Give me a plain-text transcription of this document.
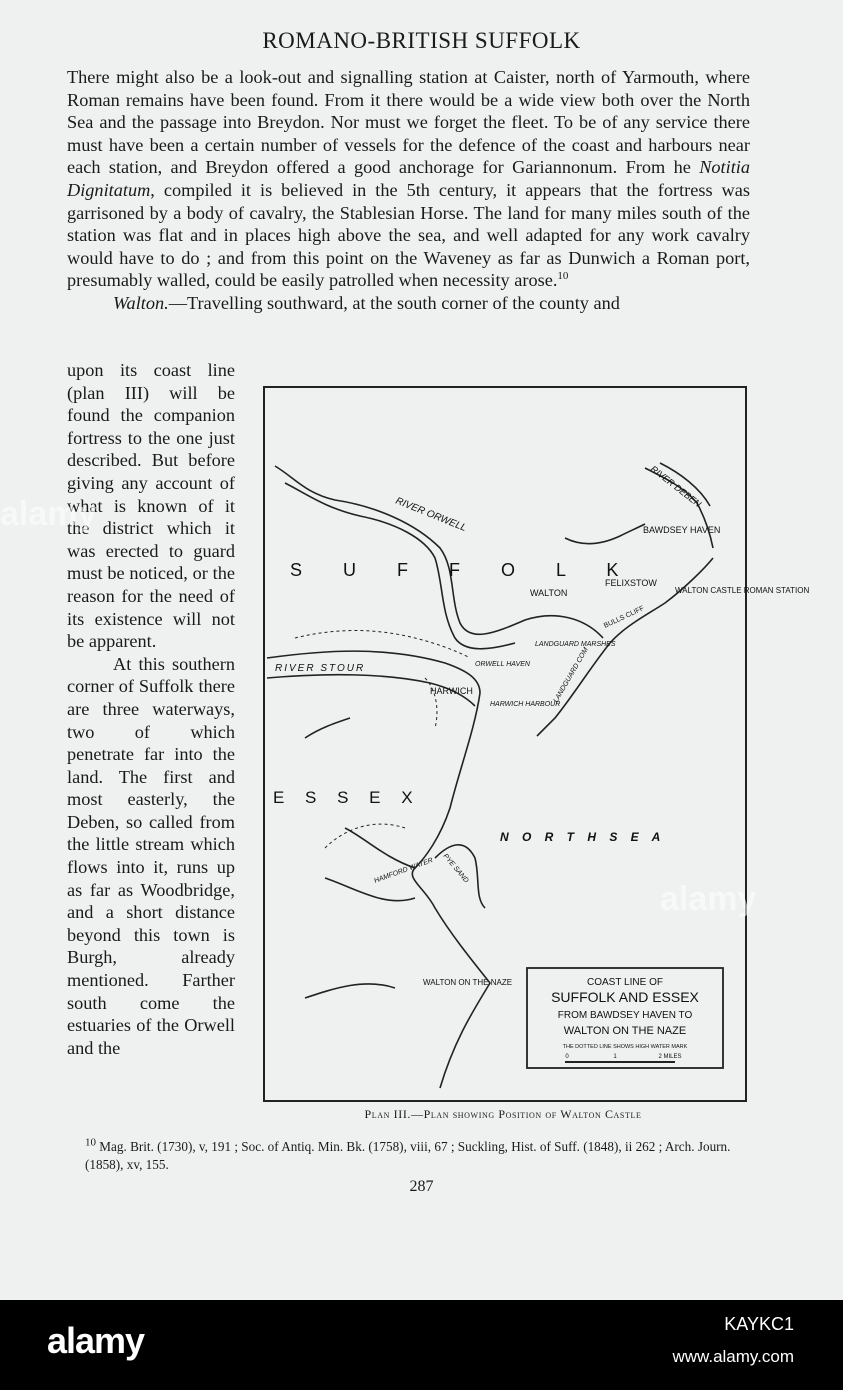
ROMANO-BRITISH SUFFOLK
There might also be a look-out and signalling station at Caister, north of Yarmouth, where Roman remains have been found. From it there would be a wide view both over the North Sea and the passage into Breydon. Nor must we forget the fleet. To be of any service there must have been a certain number of vessels for the defence of the coast and harbours near each station, and Breydon offered a good anchorage for Gariannonum. From he Notitia Dignitatum, compiled it is believed in the 5th century, it appears that the fortress was garrisoned by a body of cavalry, the Stablesian Horse. The land for many miles south of the station was flat and in places high above the sea, and well adapted for any work cavalry would have to do ; and from this point on the Waveney as far as Dunwich a Roman port, presumably walled, could be easily patrolled when necessity arose.$^{10}$
Walton.—Travelling southward, at the south corner of the county and
upon its coast line (plan III) will be found the companion fortress to the one just described. But before giving any account of what is known of it the district which it was erected to guard must be noticed, or the reason for the need of its existence will not be apparent.
At this southern corner of Suffolk there are three waterways, two of which penetrate far into the land. The first and most easterly, the Deben, so called from the little stream which flows into it, runs up as far as Woodbridge, and a short distance beyond this town is Burgh, already mentioned. Farther south come the estuaries of the Orwell and the
S U F F O L K
RIVER ORWELL
RIVER DEBEN
BAWDSEY HAVEN
FELIXSTOW
WALTON	WALTON CASTLE ROMAN STATION
BULLS CLIFF
LANDGUARD MARSHES
LANDGUARD COM
ORWELL HAVEN
RIVER STOUR
HARWICH
HARWICH HARBOUR
E S S E X
N O R T H S E A
HAMFORD WATER PYE SAND
WALTON ON THE NAZE	COAST LINE OF
SUFFOLK AND ESSEX
FROM BAWDSEY HAVEN TO
WALTON ON THE NAZE
THE DOTTED LINE SHOWS HIGH WATER MARK
0	1	2 MILES
Plan III.—Plan showing Position of Walton Castle
$^{10}$ Mag. Brit. (1730), v, 191 ; Soc. of Antiq. Min. Bk. (1758), viii, 67 ; Suckling, Hist. of Suff. (1848), ii 262 ; Arch. Journ. (1858), xv, 155.
287
alamy
alamy
alamy	KAYKC1
www.alamy.com
